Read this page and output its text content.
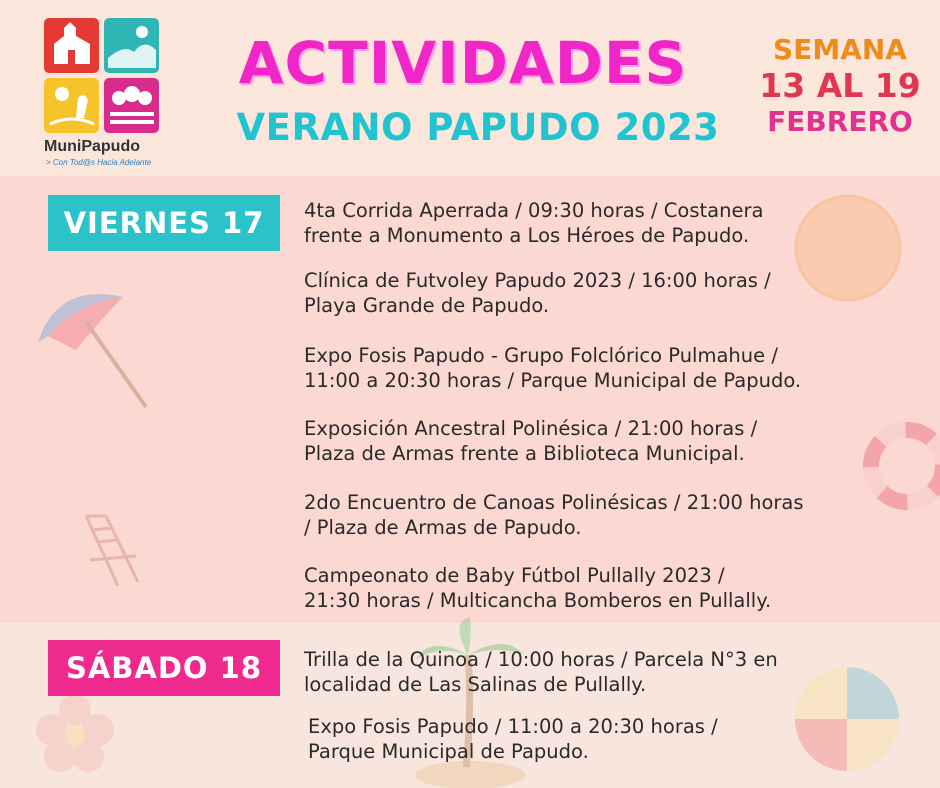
MuniPapudo
> Con Tod@s Hacia Adelante
ACTIVIDADES
VERANO PAPUDO 2023
SEMANA
13 AL 19
FEBRERO
VIERNES 17	4ta Corrida Aperrada / 09:30 horas / Costanera
frente a Monumento a Los Héroes de Papudo.
Clínica de Futvoley Papudo 2023 / 16:00 horas /
Playa Grande de Papudo.
Expo Fosis Papudo - Grupo Folclórico Pulmahue /
11:00 a 20:30 horas / Parque Municipal de Papudo.
Exposición Ancestral Polinésica / 21:00 horas /
Plaza de Armas frente a Biblioteca Municipal.
2do Encuentro de Canoas Polinésicas / 21:00 horas
/ Plaza de Armas de Papudo.
Campeonato de Baby Fútbol Pullally 2023 /
21:30 horas / Multicancha Bomberos en Pullally.
SÁBADO 18	Trilla de la Quinoa / 10:00 horas / Parcela N°3 en
localidad de Las Salinas de Pullally.
Expo Fosis Papudo / 11:00 a 20:30 horas /
Parque Municipal de Papudo.
